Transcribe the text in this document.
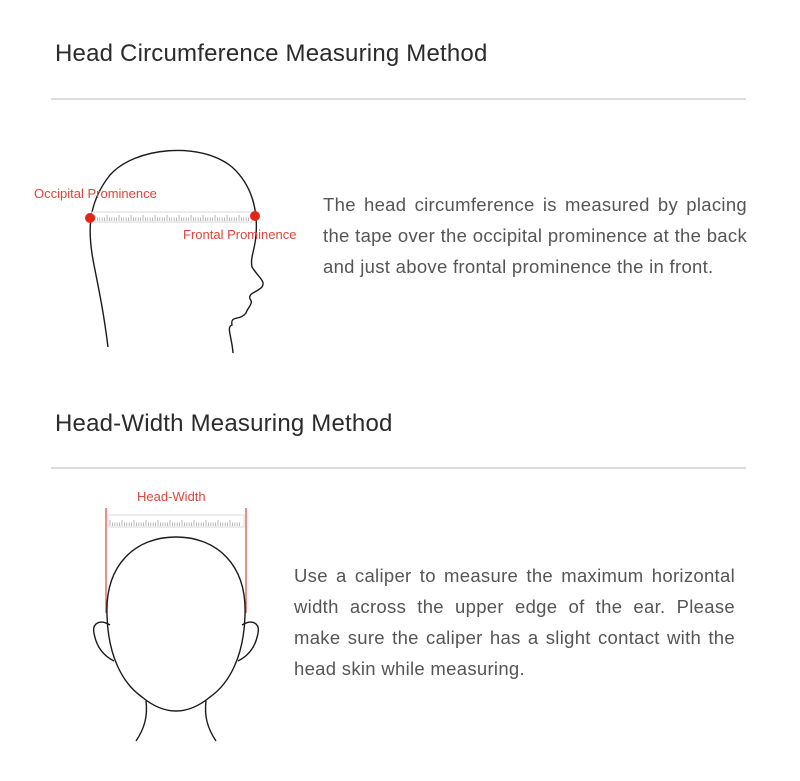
Head Circumference Measuring Method
Occipital Prominence
Frontal Prominence

The head circumference is measured by placing the tape over the occipital prominence at the back and just above frontal prominence the in front.

Head-Width Measuring Method
Head-Width

Use a caliper to measure the maximum horizontal width across the upper edge of the ear. Please make sure the caliper has a slight contact with the head skin while measuring.
